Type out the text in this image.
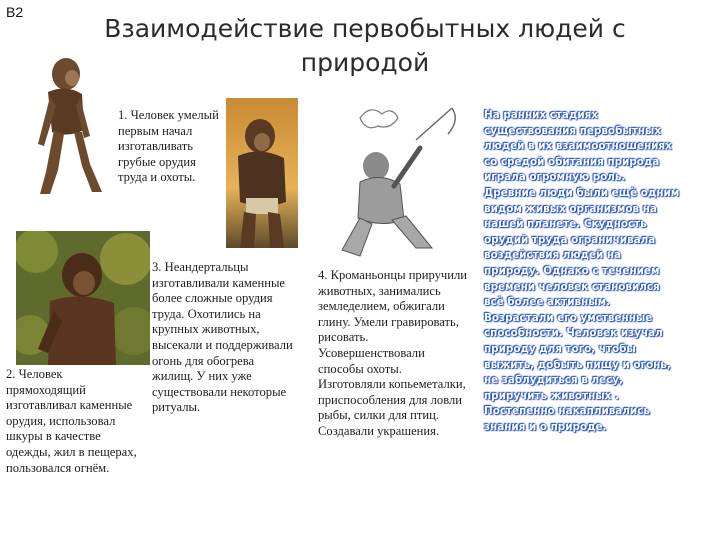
В2
Взаимодействие первобытных людей с природой
1. Человек умелый первым начал изготавливать грубые орудия труда и охоты.
2. Человек прямоходящий изготавливал каменные орудия, использовал шкуры в качестве одежды, жил в пещерах, пользовался огнём.
3. Неандертальцы изготавливали каменные более сложные орудия труда. Охотились на крупных животных, высекали и поддерживали огонь для обогрева жилищ. У них уже существовали некоторые ритуалы.
4. Кроманьонцы приручили животных, занимались земледелием, обжигали глину. Умели гравировать, рисовать. Усовершенствовали способы охоты. Изготовляли копьеметалки, приспособления для ловли рыбы, силки для птиц. Создавали украшения.
На ранних стадиях существования первобытных людей в их взаимоотношениях со средой обитания природа играла огромную роль. Древние люди были ещё одним видом живых организмов на нашей планете. Скудность орудий труда ограничивала воздействия людей на природу. Однако с течением времени человек становился всё более активным. Возрастали его умственные способности. Человек изучал природу для того, чтобы выжить, добыть пищу и огонь, не заблудиться в лесу, приручить животных . Постепенно накапливались знания и о природе.
